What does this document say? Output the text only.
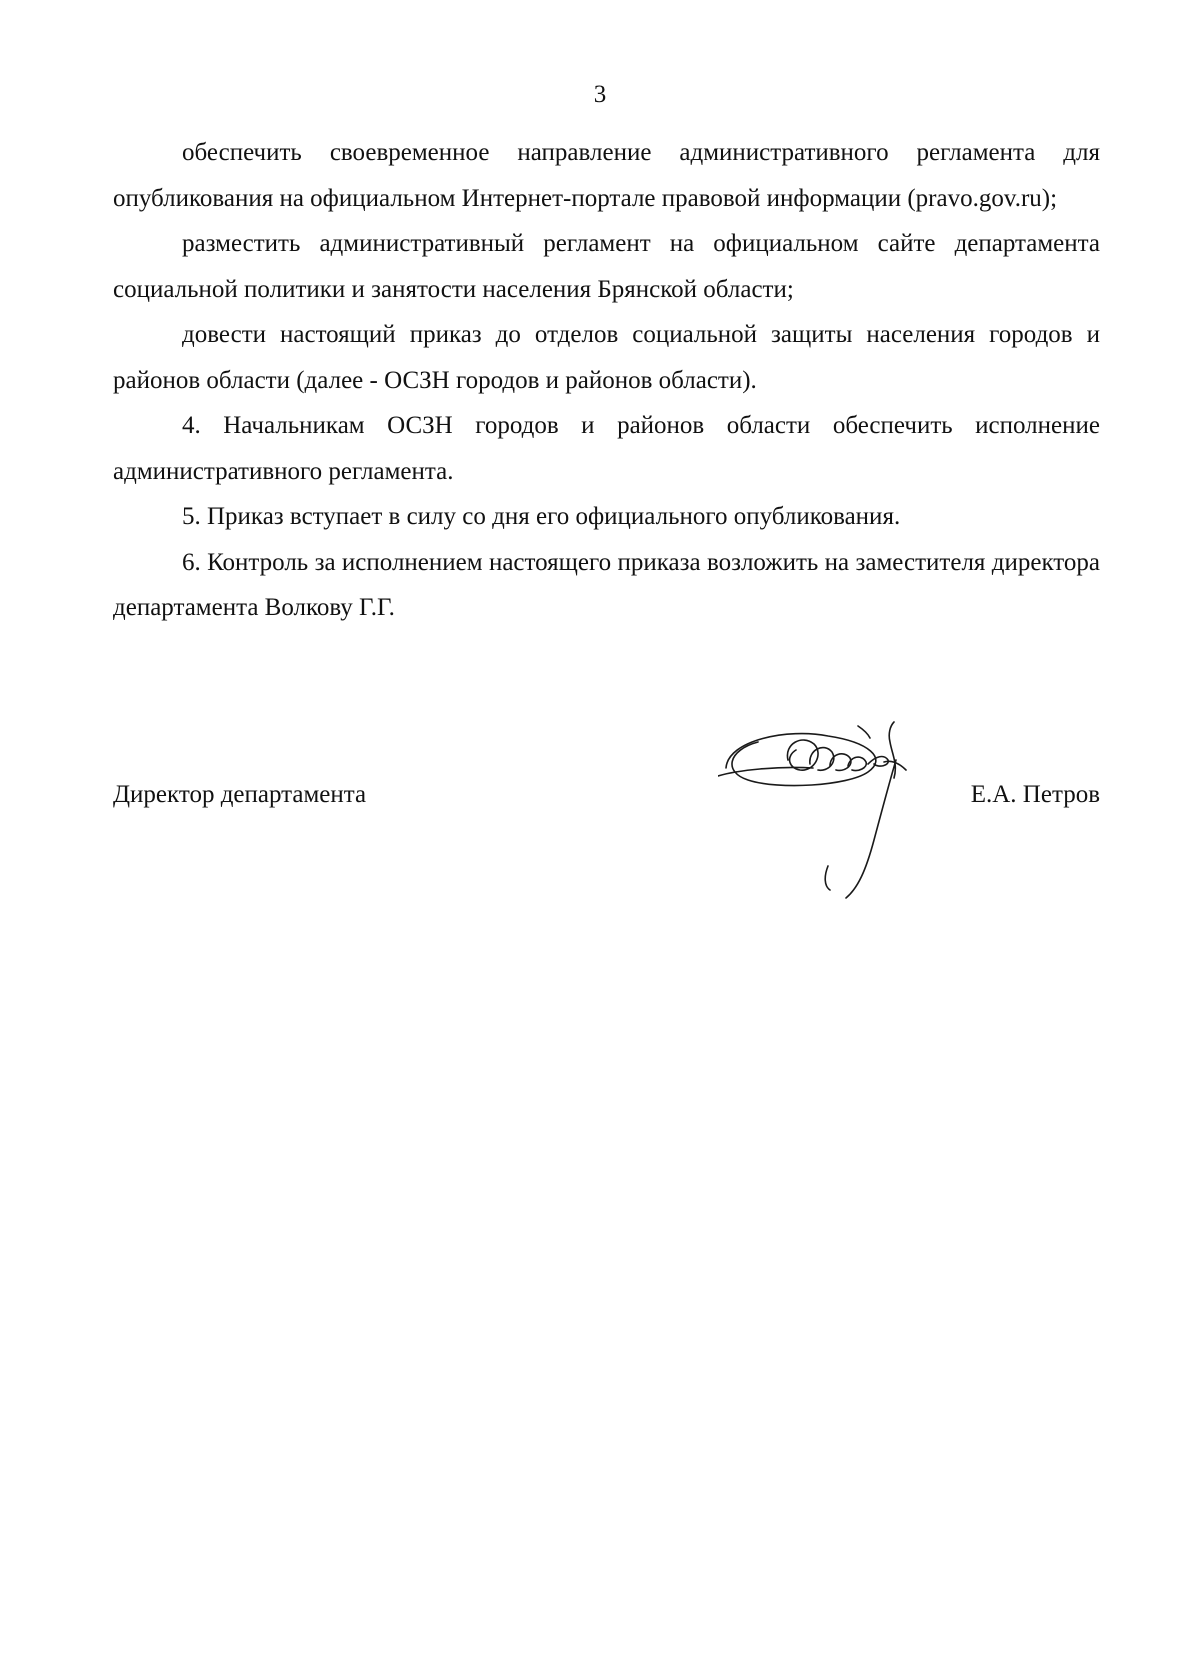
3

обеспечить своевременное направление административного регламента для опубликования на официальном Интернет-портале правовой информации (pravo.gov.ru);

разместить административный регламент на официальном сайте департамента социальной политики и занятости населения Брянской области;

довести настоящий приказ до отделов социальной защиты населения городов и районов области (далее - ОСЗН городов и районов области).

4. Начальникам ОСЗН городов и районов области обеспечить исполнение административного регламента.

5. Приказ вступает в силу со дня его официального опубликования.

6. Контроль за исполнением настоящего приказа возложить на заместителя директора департамента Волкову Г.Г.

Директор департамента	Е.А. Петров
